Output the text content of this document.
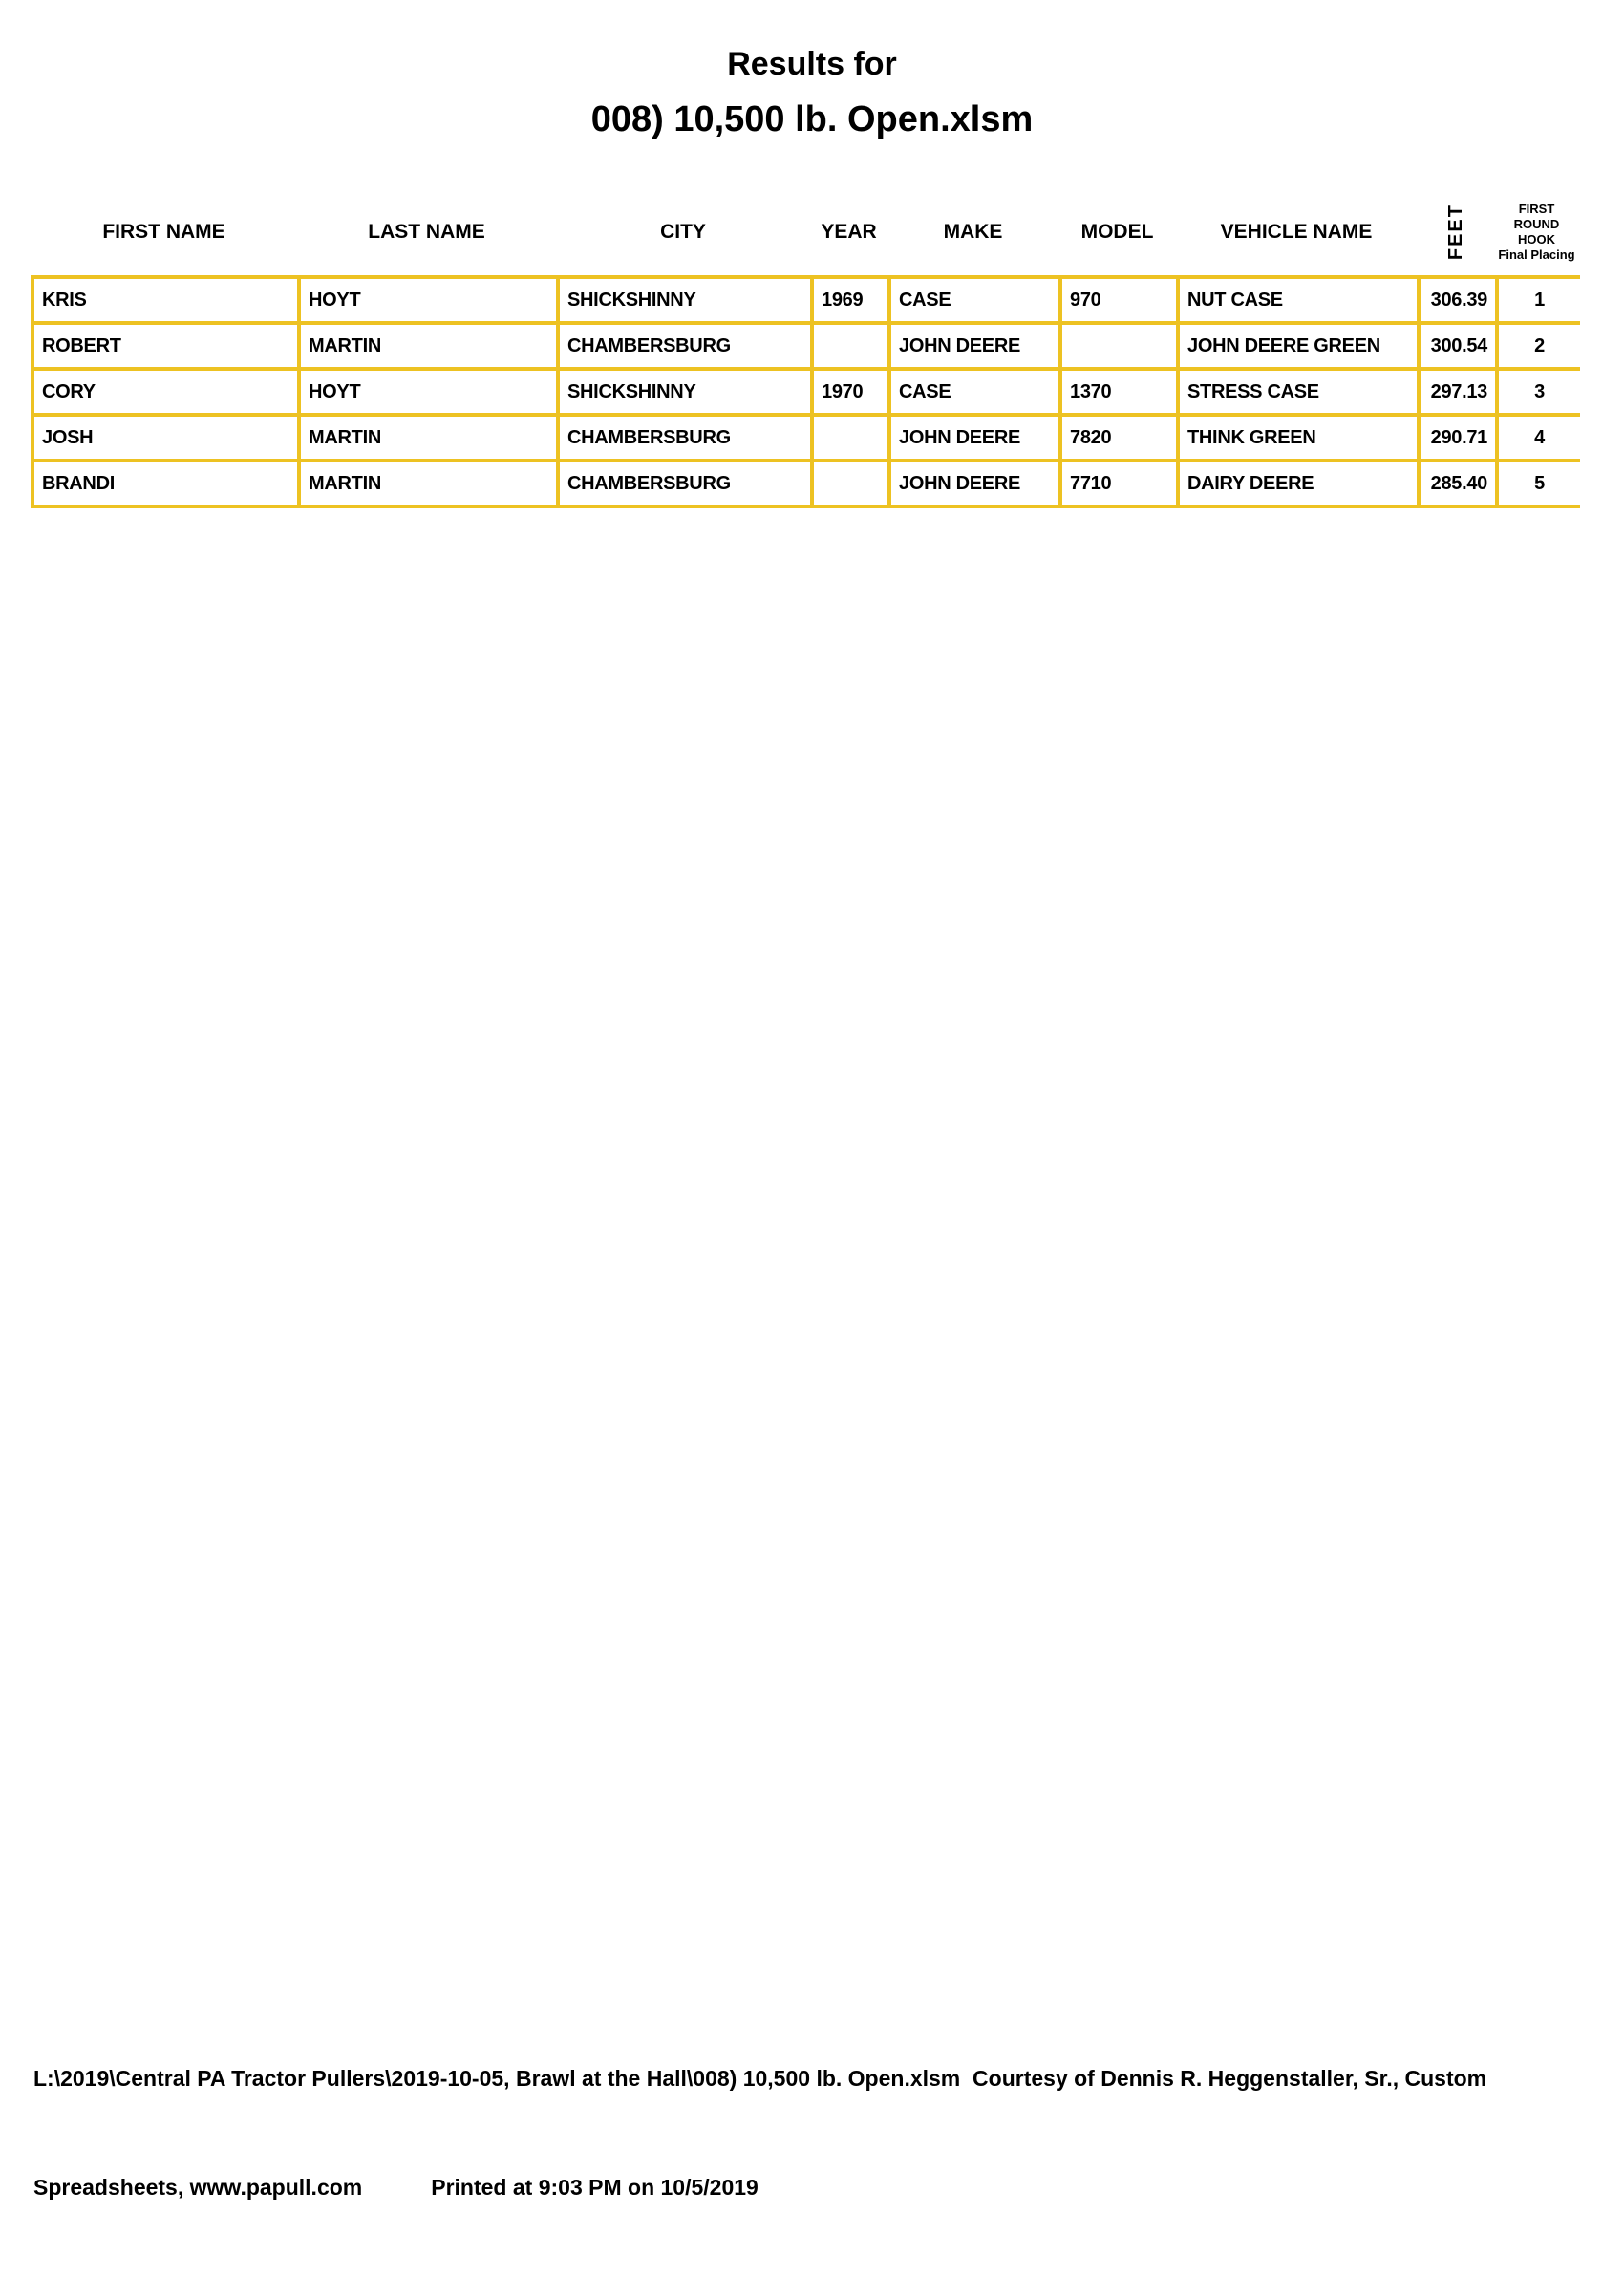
Results for
008) 10,500 lb. Open.xlsm
FIRST NAME	LAST NAME	CITY	YEAR	MAKE	MODEL	VEHICLE NAME	FEET	FIRST ROUND
HOOK
Final Placing
KRIS	HOYT	SHICKSHINNY	1969	CASE	970	NUT CASE	306.39	1
ROBERT	MARTIN	CHAMBERSBURG		JOHN DEERE		JOHN DEERE GREEN	300.54	2
CORY	HOYT	SHICKSHINNY	1970	CASE	1370	STRESS CASE	297.13	3
JOSH	MARTIN	CHAMBERSBURG		JOHN DEERE	7820	THINK GREEN	290.71	4
BRANDI	MARTIN	CHAMBERSBURG		JOHN DEERE	7710	DAIRY DEERE	285.40	5

L:\2019\Central PA Tractor Pullers\2019-10-05, Brawl at the Hall\008) 10,500 lb. Open.xlsm  Courtesy of Dennis R. Heggenstaller, Sr., Custom

Spreadsheets, www.papull.com	Printed at 9:03 PM on 10/5/2019
